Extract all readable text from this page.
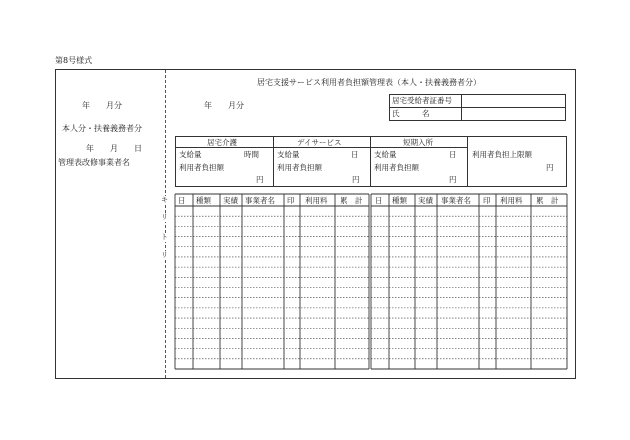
第8号様式
年　　月分
本人分・扶養義務者分
年　　月　　日
管理表改修事業者名
キ
リ
ト
リ
居宅支援サービス利用者負担額管理表（本人・扶養義務者分）
年　　月分
居宅受給者証番号
氏　　　名
居宅介護
支給量	時間
利用者負担額
円
デイサービス
支給量	日
利用者負担額
円
短期入所
支給量	日
利用者負担額
円
利用者負担上限額
円
日 種類 実績 事業者名 印 利用料 累　計 日 種類 実績 事業者名 印 利用料 累　計
